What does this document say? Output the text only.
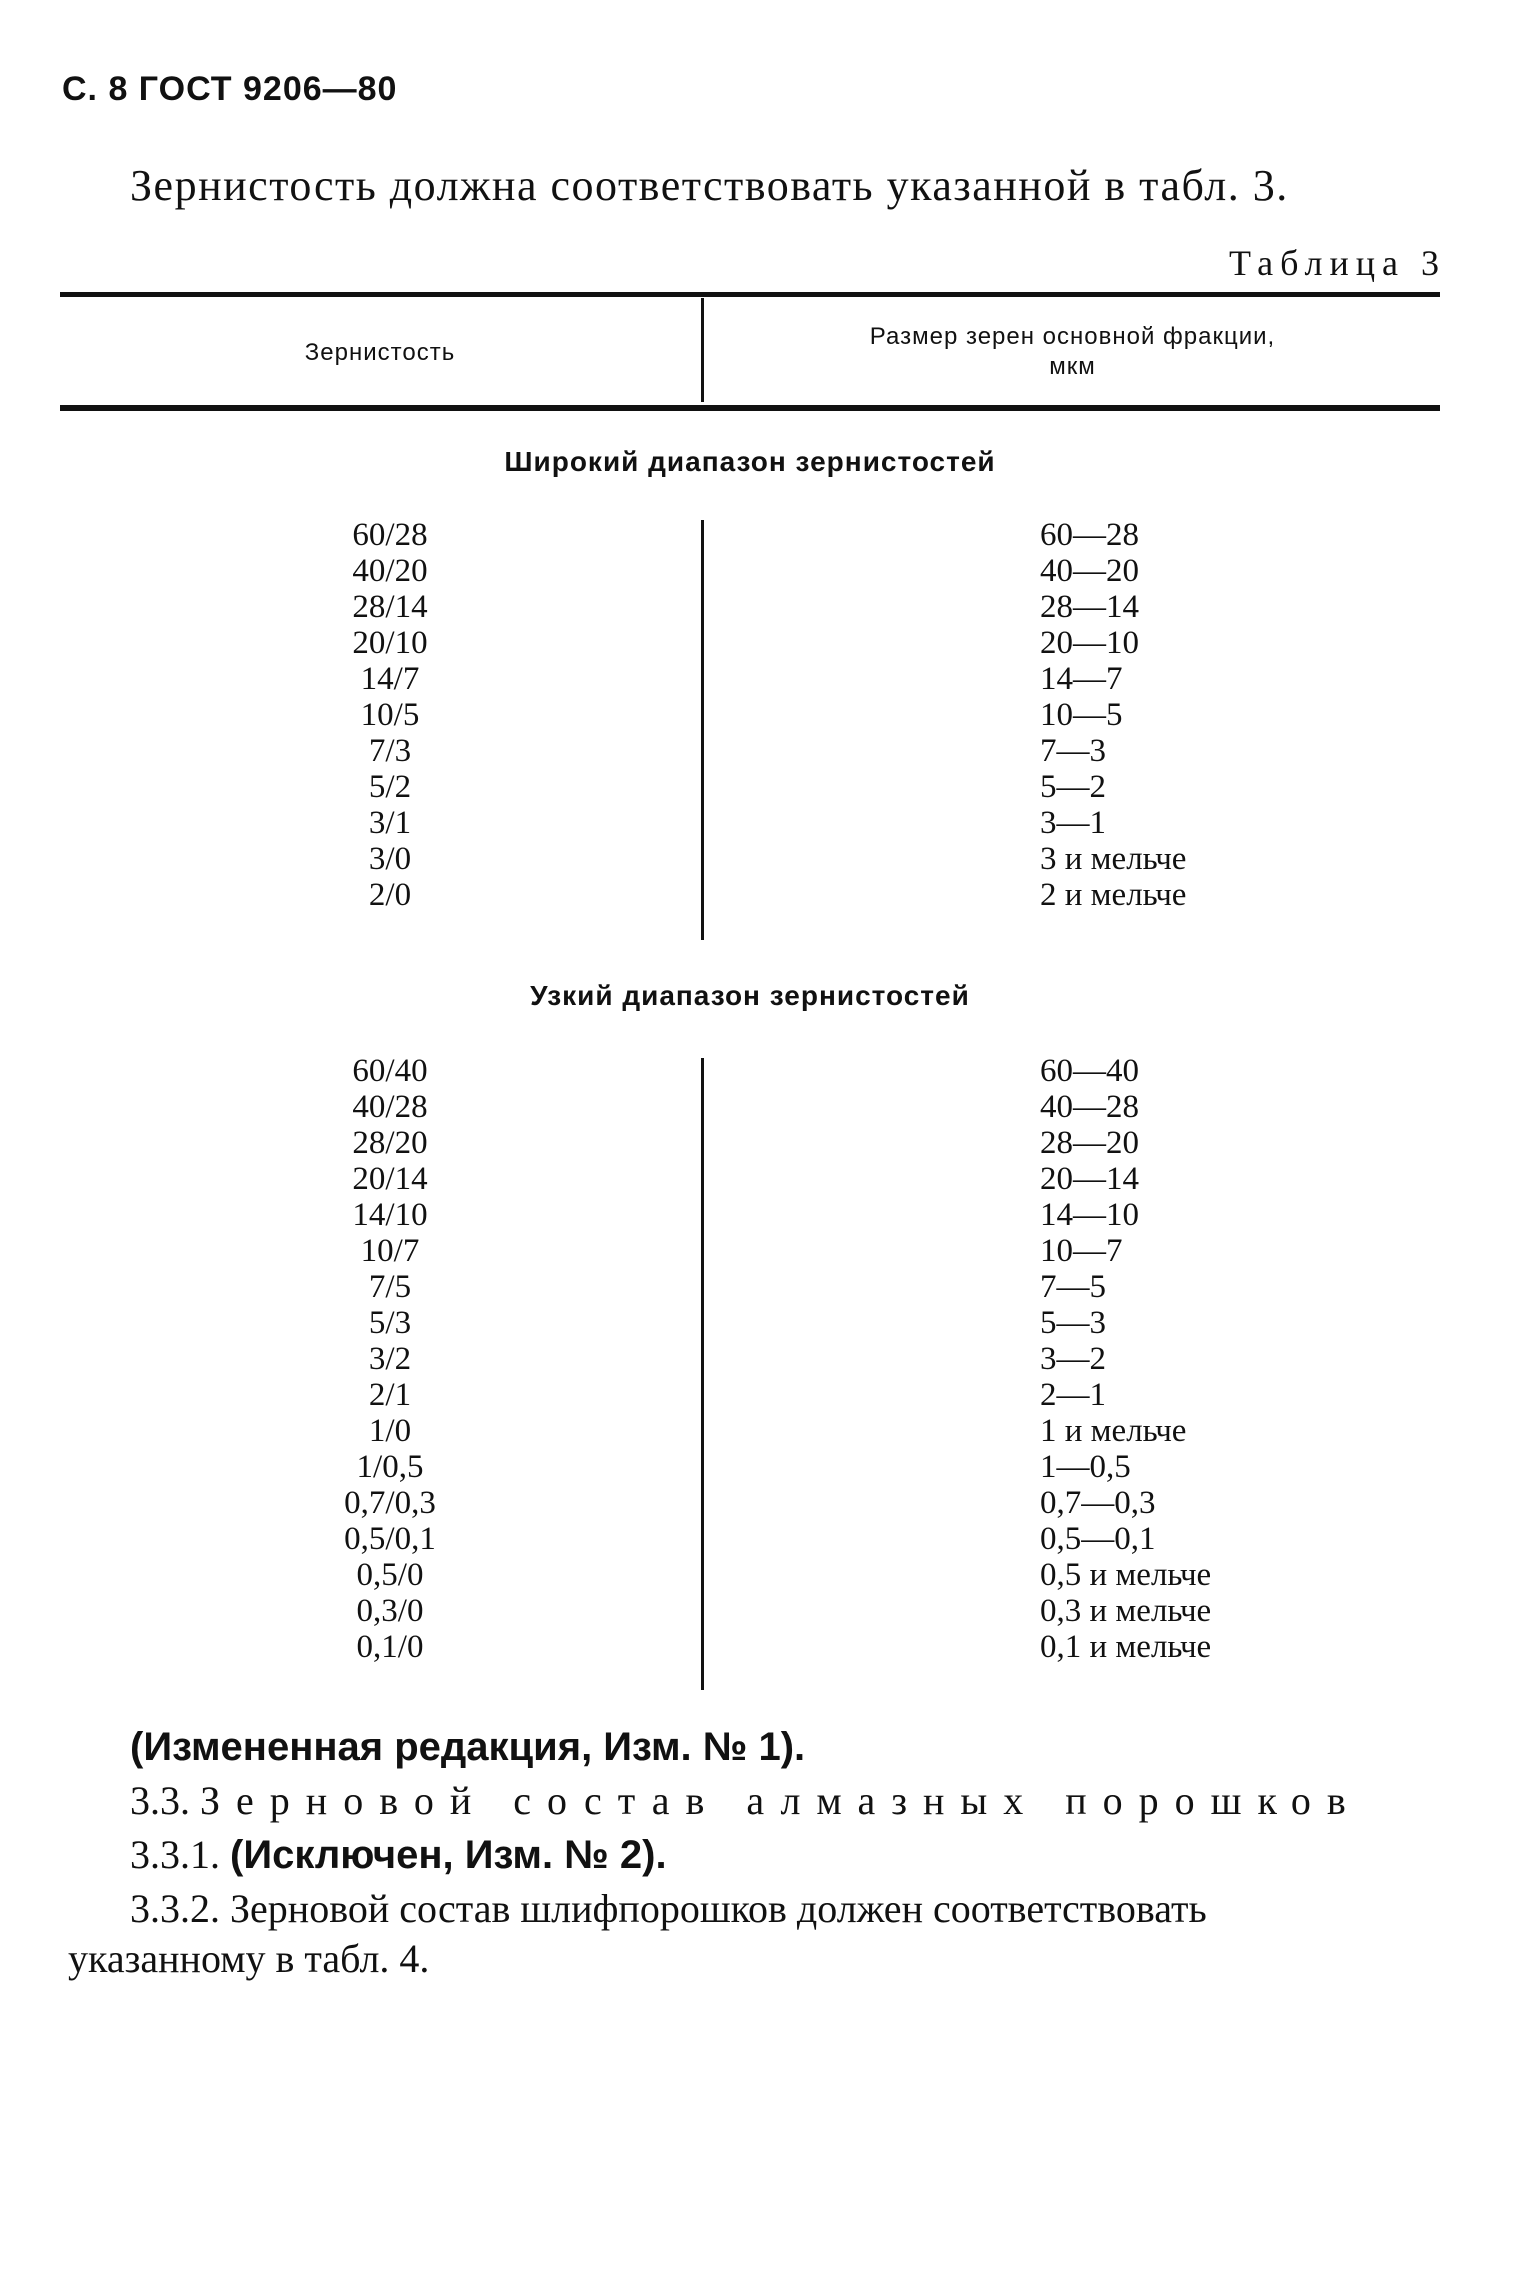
С. 8 ГОСТ 9206—80
Зернистость должна соответствовать указанной в табл. 3.
Таблица 3
Зернистость
Размер зерен основной фракции,
мкм
Широкий диапазон зернистостей
60/28
40/20
28/14
20/10
14/7
10/5
7/3
5/2
3/1
3/0
2/0
60—28
40—20
28—14
20—10
14—7
10—5
7—3
5—2
3—1
3 и мельче
2 и мельче
Узкий диапазон зернистостей
60/40
40/28
28/20
20/14
14/10
10/7
7/5
5/3
3/2
2/1
1/0
1/0,5
0,7/0,3
0,5/0,1
0,5/0
0,3/0
0,1/0
60—40
40—28
28—20
20—14
14—10
10—7
7—5
5—3
3—2
2—1
1 и мельче
1—0,5
0,7—0,3
0,5—0,1
0,5 и мельче
0,3 и мельче
0,1 и мельче
(Измененная редакция, Изм. № 1).
3.3. Зерновой состав алмазных порошков
3.3.1. (Исключен, Изм. № 2).
3.3.2. Зерновой состав шлифпорошков должен соответствовать
указанному в табл. 4.
